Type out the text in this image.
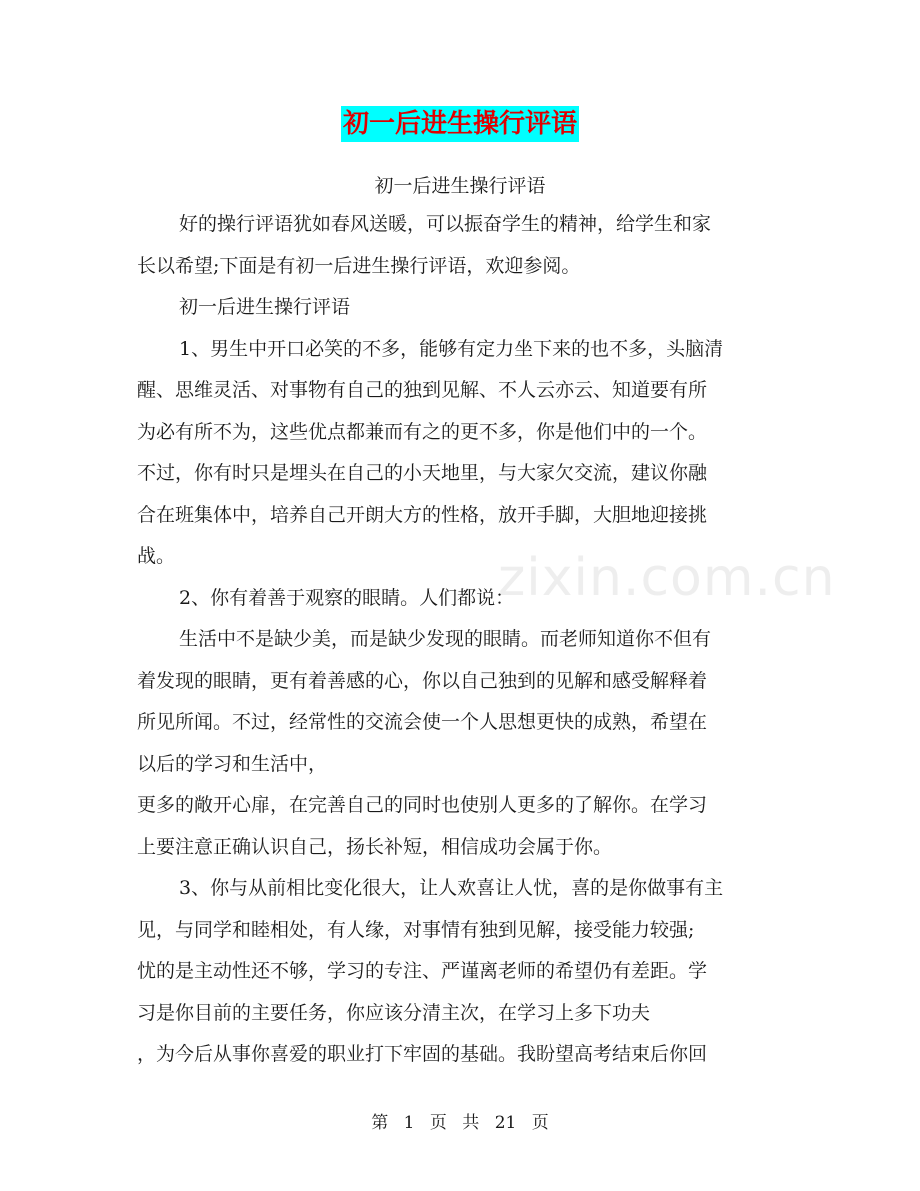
初一后进生操行评语
初一后进生操行评语
好的操行评语犹如春风送暖，可以振奋学生的精神，给学生和家
长以希望;下面是有初一后进生操行评语，欢迎参阅。
初一后进生操行评语
1、男生中开口必笑的不多，能够有定力坐下来的也不多，头脑清
醒、思维灵活、对事物有自己的独到见解、不人云亦云、知道要有所
为必有所不为，这些优点都兼而有之的更不多，你是他们中的一个。
不过，你有时只是埋头在自己的小天地里，与大家欠交流，建议你融
合在班集体中，培养自己开朗大方的性格，放开手脚，大胆地迎接挑
战。
2、你有着善于观察的眼睛。人们都说：
生活中不是缺少美，而是缺少发现的眼睛。而老师知道你不但有
着发现的眼睛，更有着善感的心，你以自己独到的见解和感受解释着
所见所闻。不过，经常性的交流会使一个人思想更快的成熟，希望在
以后的学习和生活中，
更多的敞开心扉，在完善自己的同时也使别人更多的了解你。在学习
上要注意正确认识自己，扬长补短，相信成功会属于你。
3、你与从前相比变化很大，让人欢喜让人忧，喜的是你做事有主
见，与同学和睦相处，有人缘，对事情有独到见解，接受能力较强;
忧的是主动性还不够，学习的专注、严谨离老师的希望仍有差距。学
习是你目前的主要任务，你应该分清主次，在学习上多下功夫
，为今后从事你喜爱的职业打下牢固的基础。我盼望高考结束后你回
zixin.com.cn
第 1 页 共 21 页
